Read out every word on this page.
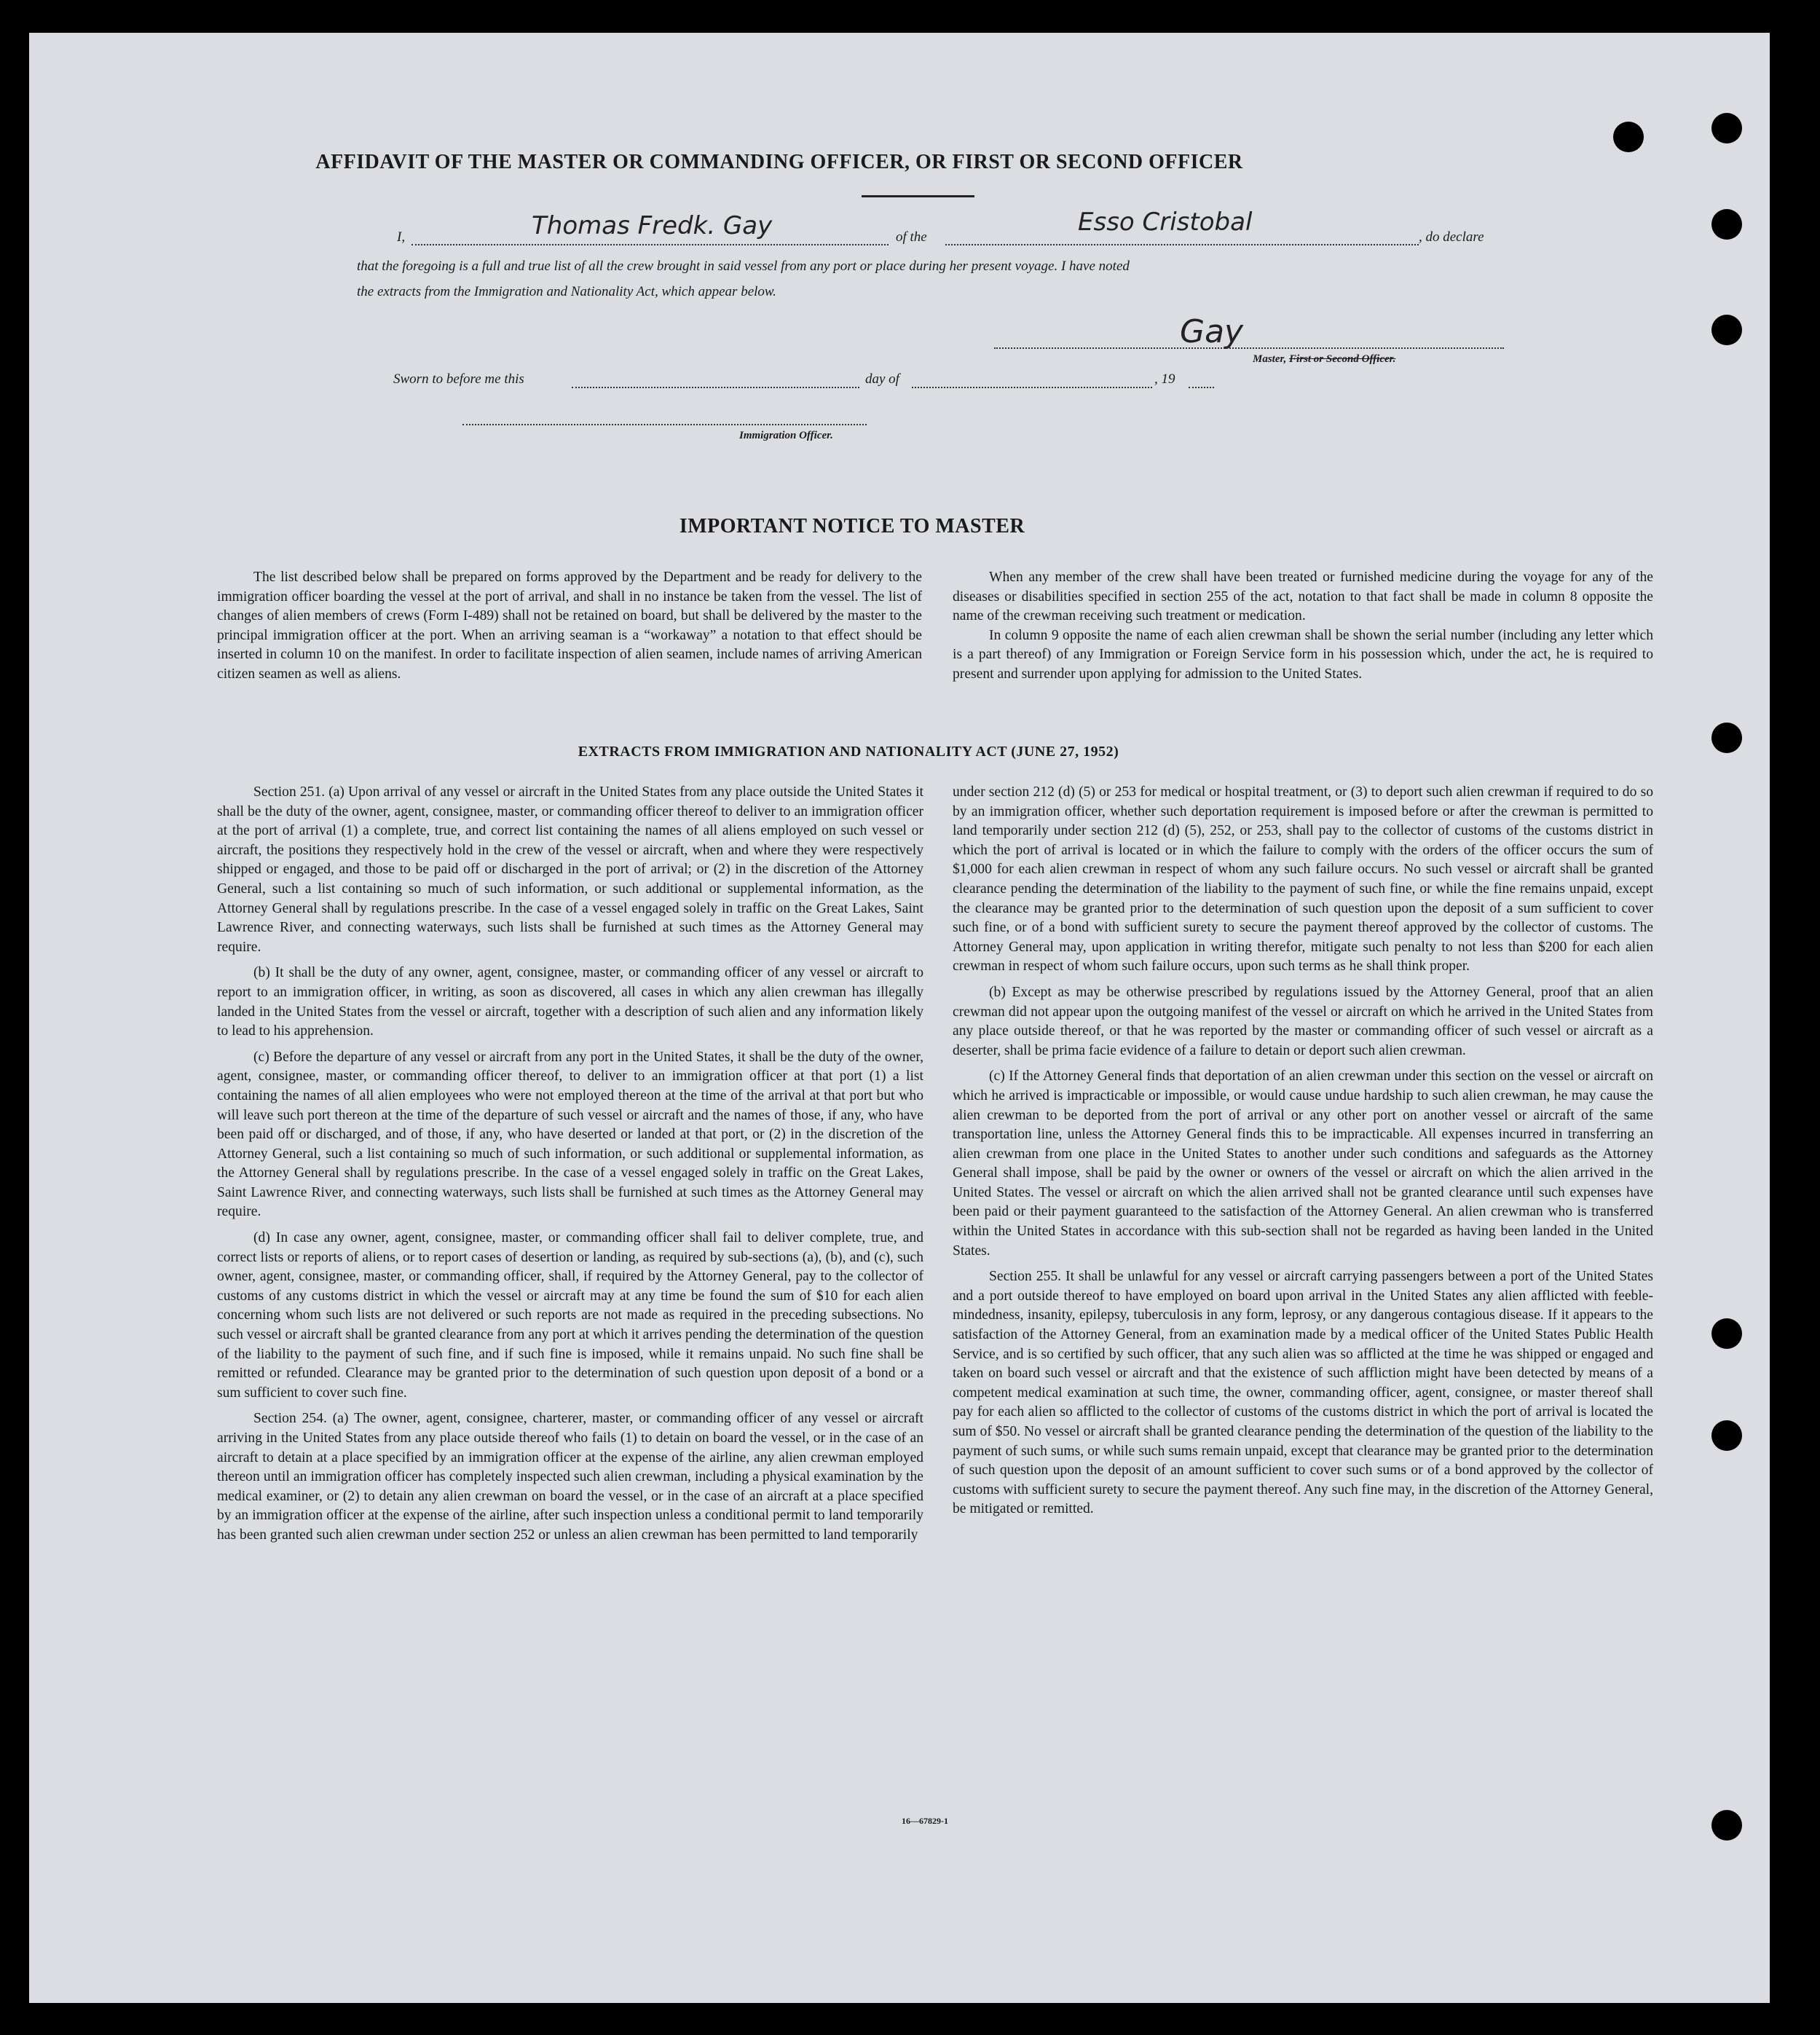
AFFIDAVIT OF THE MASTER OR COMMANDING OFFICER, OR FIRST OR SECOND OFFICER
I,	Thomas Fredk. Gay	of the
Esso Cristobal
, do declare
that the foregoing is a full and true list of all the crew brought in said vessel from any port or place during her present voyage. I have noted
the extracts from the Immigration and Nationality Act, which appear below.
Gay
Master, First or Second Officer.
Sworn to before me this	day of	, 19
Immigration Officer.
IMPORTANT NOTICE TO MASTER

The list described below shall be prepared on forms approved by the Department and be ready for delivery to the immigration officer boarding the vessel at the port of arrival, and shall in no instance be taken from the vessel. The list of changes of alien members of crews (Form I-489) shall not be retained on board, but shall be delivered by the master to the principal immigration officer at the port. When an arriving seaman is a “workaway” a notation to that effect should be inserted in column 10 on the manifest. In order to facilitate inspection of alien seamen, include names of arriving American citizen seamen as well as aliens.

When any member of the crew shall have been treated or furnished medicine during the voyage for any of the diseases or disabilities specified in section 255 of the act, notation to that fact shall be made in column 8 opposite the name of the crewman receiving such treatment or medication.

In column 9 opposite the name of each alien crewman shall be shown the serial number (including any letter which is a part thereof) of any Immigration or Foreign Service form in his possession which, under the act, he is required to present and surrender upon applying for admission to the United States.

EXTRACTS FROM IMMIGRATION AND NATIONALITY ACT (JUNE 27, 1952)

Section 251. (a) Upon arrival of any vessel or aircraft in the United States from any place outside the United States it shall be the duty of the owner, agent, consignee, master, or commanding officer thereof to deliver to an immigration officer at the port of arrival (1) a complete, true, and correct list containing the names of all aliens employed on such vessel or aircraft, the positions they respectively hold in the crew of the vessel or aircraft, when and where they were respectively shipped or engaged, and those to be paid off or discharged in the port of arrival; or (2) in the discretion of the Attorney General, such a list containing so much of such information, or such additional or supplemental information, as the Attorney General shall by regulations prescribe. In the case of a vessel engaged solely in traffic on the Great Lakes, Saint Lawrence River, and connecting waterways, such lists shall be furnished at such times as the Attorney General may require.

(b) It shall be the duty of any owner, agent, consignee, master, or commanding officer of any vessel or aircraft to report to an immigration officer, in writing, as soon as discovered, all cases in which any alien crewman has illegally landed in the United States from the vessel or aircraft, together with a description of such alien and any information likely to lead to his apprehension.

(c) Before the departure of any vessel or aircraft from any port in the United States, it shall be the duty of the owner, agent, consignee, master, or commanding officer thereof, to deliver to an immigration officer at that port (1) a list containing the names of all alien employees who were not employed thereon at the time of the arrival at that port but who will leave such port thereon at the time of the departure of such vessel or aircraft and the names of those, if any, who have been paid off or discharged, and of those, if any, who have deserted or landed at that port, or (2) in the discretion of the Attorney General, such a list containing so much of such information, or such additional or supplemental information, as the Attorney General shall by regulations prescribe. In the case of a vessel engaged solely in traffic on the Great Lakes, Saint Lawrence River, and connecting waterways, such lists shall be furnished at such times as the Attorney General may require.

(d) In case any owner, agent, consignee, master, or commanding officer shall fail to deliver complete, true, and correct lists or reports of aliens, or to report cases of desertion or landing, as required by sub-sections (a), (b), and (c), such owner, agent, consignee, master, or commanding officer, shall, if required by the Attorney General, pay to the collector of customs of any customs district in which the vessel or aircraft may at any time be found the sum of $10 for each alien concerning whom such lists are not delivered or such reports are not made as required in the preceding subsections. No such vessel or aircraft shall be granted clearance from any port at which it arrives pending the determination of the question of the liability to the payment of such fine, and if such fine is imposed, while it remains unpaid. No such fine shall be remitted or refunded. Clearance may be granted prior to the determination of such question upon deposit of a bond or a sum sufficient to cover such fine.

Section 254. (a) The owner, agent, consignee, charterer, master, or commanding officer of any vessel or aircraft arriving in the United States from any place outside thereof who fails (1) to detain on board the vessel, or in the case of an aircraft to detain at a place specified by an immigration officer at the expense of the airline, any alien crewman employed thereon until an immigration officer has completely inspected such alien crewman, including a physical examination by the medical examiner, or (2) to detain any alien crewman on board the vessel, or in the case of an aircraft at a place specified by an immigration officer at the expense of the airline, after such inspection unless a conditional permit to land temporarily has been granted such alien crewman under section 252 or unless an alien crewman has been permitted to land temporarily

under section 212 (d) (5) or 253 for medical or hospital treatment, or (3) to deport such alien crewman if required to do so by an immigration officer, whether such deportation requirement is imposed before or after the crewman is permitted to land temporarily under section 212 (d) (5), 252, or 253, shall pay to the collector of customs of the customs district in which the port of arrival is located or in which the failure to comply with the orders of the officer occurs the sum of $1,000 for each alien crewman in respect of whom any such failure occurs. No such vessel or aircraft shall be granted clearance pending the determination of the liability to the payment of such fine, or while the fine remains unpaid, except the clearance may be granted prior to the determination of such question upon the deposit of a sum sufficient to cover such fine, or of a bond with sufficient surety to secure the payment thereof approved by the collector of customs. The Attorney General may, upon application in writing therefor, mitigate such penalty to not less than $200 for each alien crewman in respect of whom such failure occurs, upon such terms as he shall think proper.

(b) Except as may be otherwise prescribed by regulations issued by the Attorney General, proof that an alien crewman did not appear upon the outgoing manifest of the vessel or aircraft on which he arrived in the United States from any place outside thereof, or that he was reported by the master or commanding officer of such vessel or aircraft as a deserter, shall be prima facie evidence of a failure to detain or deport such alien crewman.

(c) If the Attorney General finds that deportation of an alien crewman under this section on the vessel or aircraft on which he arrived is impracticable or impossible, or would cause undue hardship to such alien crewman, he may cause the alien crewman to be deported from the port of arrival or any other port on another vessel or aircraft of the same transportation line, unless the Attorney General finds this to be impracticable. All expenses incurred in transferring an alien crewman from one place in the United States to another under such conditions and safeguards as the Attorney General shall impose, shall be paid by the owner or owners of the vessel or aircraft on which the alien arrived in the United States. The vessel or aircraft on which the alien arrived shall not be granted clearance until such expenses have been paid or their payment guaranteed to the satisfaction of the Attorney General. An alien crewman who is transferred within the United States in accordance with this sub-section shall not be regarded as having been landed in the United States.

Section 255. It shall be unlawful for any vessel or aircraft carrying passengers between a port of the United States and a port outside thereof to have employed on board upon arrival in the United States any alien afflicted with feeble-mindedness, insanity, epilepsy, tuberculosis in any form, leprosy, or any dangerous contagious disease. If it appears to the satisfaction of the Attorney General, from an examination made by a medical officer of the United States Public Health Service, and is so certified by such officer, that any such alien was so afflicted at the time he was shipped or engaged and taken on board such vessel or aircraft and that the existence of such affliction might have been detected by means of a competent medical examination at such time, the owner, commanding officer, agent, consignee, or master thereof shall pay for each alien so afflicted to the collector of customs of the customs district in which the port of arrival is located the sum of $50. No vessel or aircraft shall be granted clearance pending the determination of the question of the liability to the payment of such sums, or while such sums remain unpaid, except that clearance may be granted prior to the determination of such question upon the deposit of an amount sufficient to cover such sums or of a bond approved by the collector of customs with sufficient surety to secure the payment thereof. Any such fine may, in the discretion of the Attorney General, be mitigated or remitted.

16—67829-1
